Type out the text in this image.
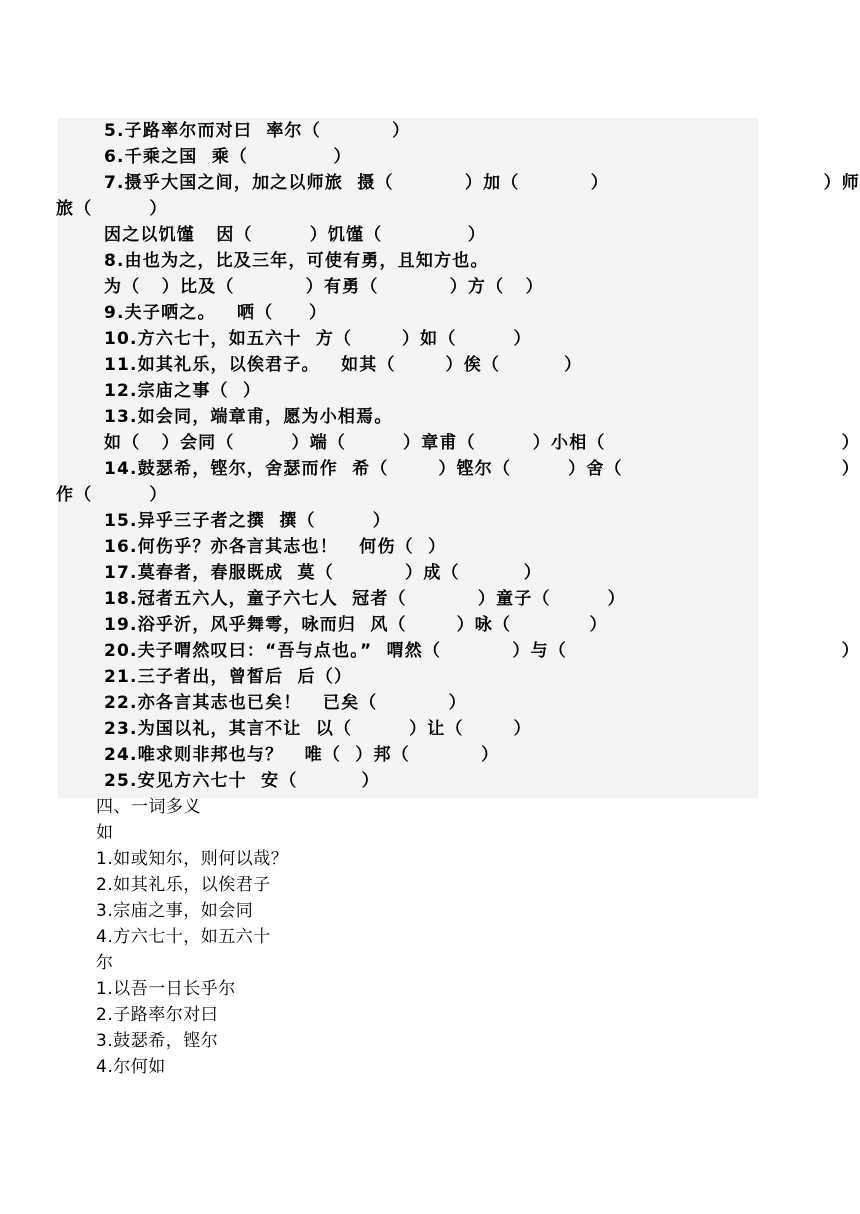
5.子路率尔而对曰  率尔（          ）
6.千乘之国  乘（            ）
7.摄乎大国之间，加之以师旅  摄（          ）加（          ）	）师
旅（        ）
因之以饥馑   因（        ）饥馑（            ）
8.由也为之，比及三年，可使有勇，且知方也。
为（   ）比及（          ）有勇（          ）方（   ）
9.夫子哂之。   哂（     ）
10.方六七十，如五六十  方（       ）如（        ）
11.如其礼乐，以俟君子。   如其（       ）俟（         ）
12.宗庙之事（  ）
13.如会同，端章甫，愿为小相焉。
如（   ）会同（        ）端（        ）章甫（        ）小相（	）
14.鼓瑟希，铿尔，舍瑟而作  希（       ）铿尔（        ）舍（	）
作（        ）
15.异乎三子者之撰  撰（        ）
16.何伤乎？亦各言其志也！   何伤（  ）
17.莫春者，春服既成  莫（          ）成（         ）
18.冠者五六人，童子六七人  冠者（          ）童子（        ）
19.浴乎沂，风乎舞雩，咏而归  风（       ）咏（           ）
20.夫子喟然叹曰：“吾与点也。”  喟然（          ）与（	）
21.三子者出，曾皙后  后（）
22.亦各言其志也已矣！   已矣（          ）
23.为国以礼，其言不让  以（        ）让（       ）
24.唯求则非邦也与？   唯（  ）邦（          ）
25.安见方六七十  安（         ）
四、一词多义
如
1.如或知尔，则何以哉？
2.如其礼乐，以俟君子
3.宗庙之事，如会同
4.方六七十，如五六十
尔
1.以吾一日长乎尔
2.子路率尔对曰
3.鼓瑟希，铿尔
4.尔何如
